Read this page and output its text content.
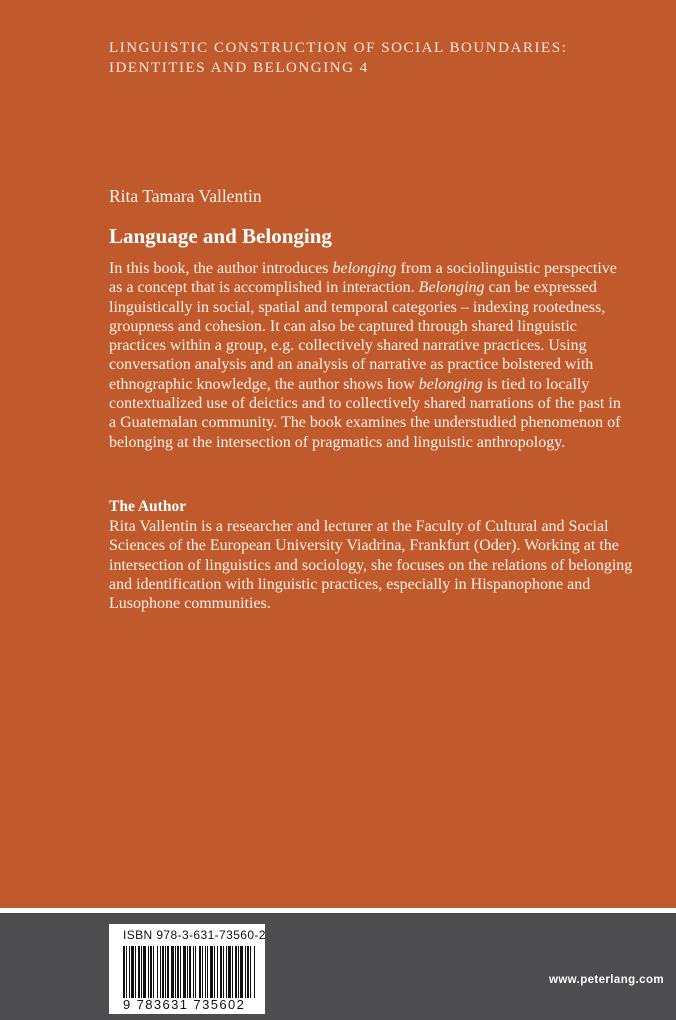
LINGUISTIC CONSTRUCTION OF SOCIAL BOUNDARIES:
IDENTITIES AND BELONGING 4
Rita Tamara Vallentin
Language and Belonging
In this book, the author introduces belonging from a sociolinguistic perspective
as a concept that is accomplished in interaction. Belonging can be expressed
linguistically in social, spatial and temporal categories – indexing rootedness,
groupness and cohesion. It can also be captured through shared linguistic
practices within a group, e.g. collectively shared narrative practices. Using
conversation analysis and an analysis of narrative as practice bolstered with
ethnographic knowledge, the author shows how belonging is tied to locally
contextualized use of deictics and to collectively shared narrations of the past in
a Guatemalan community. The book examines the understudied phenomenon of
belonging at the intersection of pragmatics and linguistic anthropology.
The Author
Rita Vallentin is a researcher and lecturer at the Faculty of Cultural and Social
Sciences of the European University Viadrina, Frankfurt (Oder). Working at the
intersection of linguistics and sociology, she focuses on the relations of belonging
and identification with linguistic practices, especially in Hispanophone and
Lusophone communities.
ISBN 978-3-631-73560-2
9 783631 735602
www.peterlang.com
